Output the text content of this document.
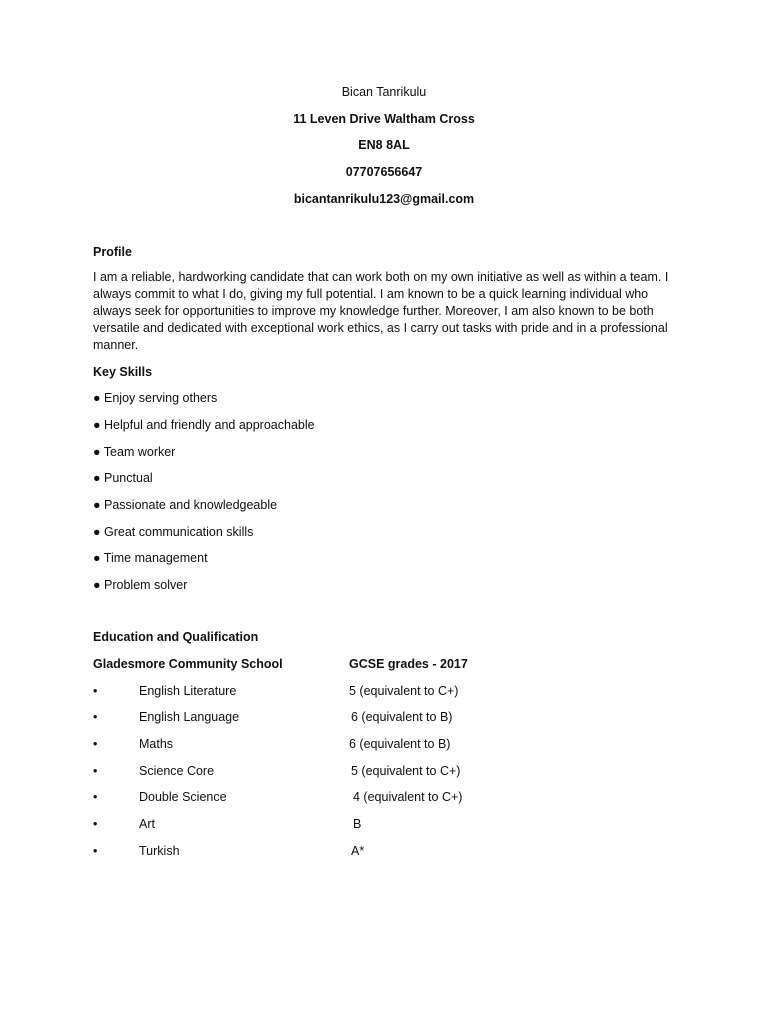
Bican Tanrikulu
11 Leven Drive Waltham Cross
EN8 8AL
07707656647
bicantanrikulu123@gmail.com
Profile
I am a reliable, hardworking candidate that can work both on my own initiative as well as within a team. I always commit to what I do, giving my full potential. I am known to be a quick learning individual who always seek for opportunities to improve my knowledge further. Moreover, I am also known to be both versatile and dedicated with exceptional work ethics, as I carry out tasks with pride and in a professional manner.
Key Skills
● Enjoy serving others
● Helpful and friendly and approachable
● Team worker
● Punctual
● Passionate and knowledgeable
● Great communication skills
● Time management
● Problem solver
Education and Qualification
Gladesmore Community School	GCSE grades - 2017
•	English Literature	5 (equivalent to C+)
•	English Language	6 (equivalent to B)
•	Maths	6 (equivalent to B)
•	Science Core	5 (equivalent to C+)
•	Double Science	4 (equivalent to C+)
•	Art	B
•	Turkish	A*
